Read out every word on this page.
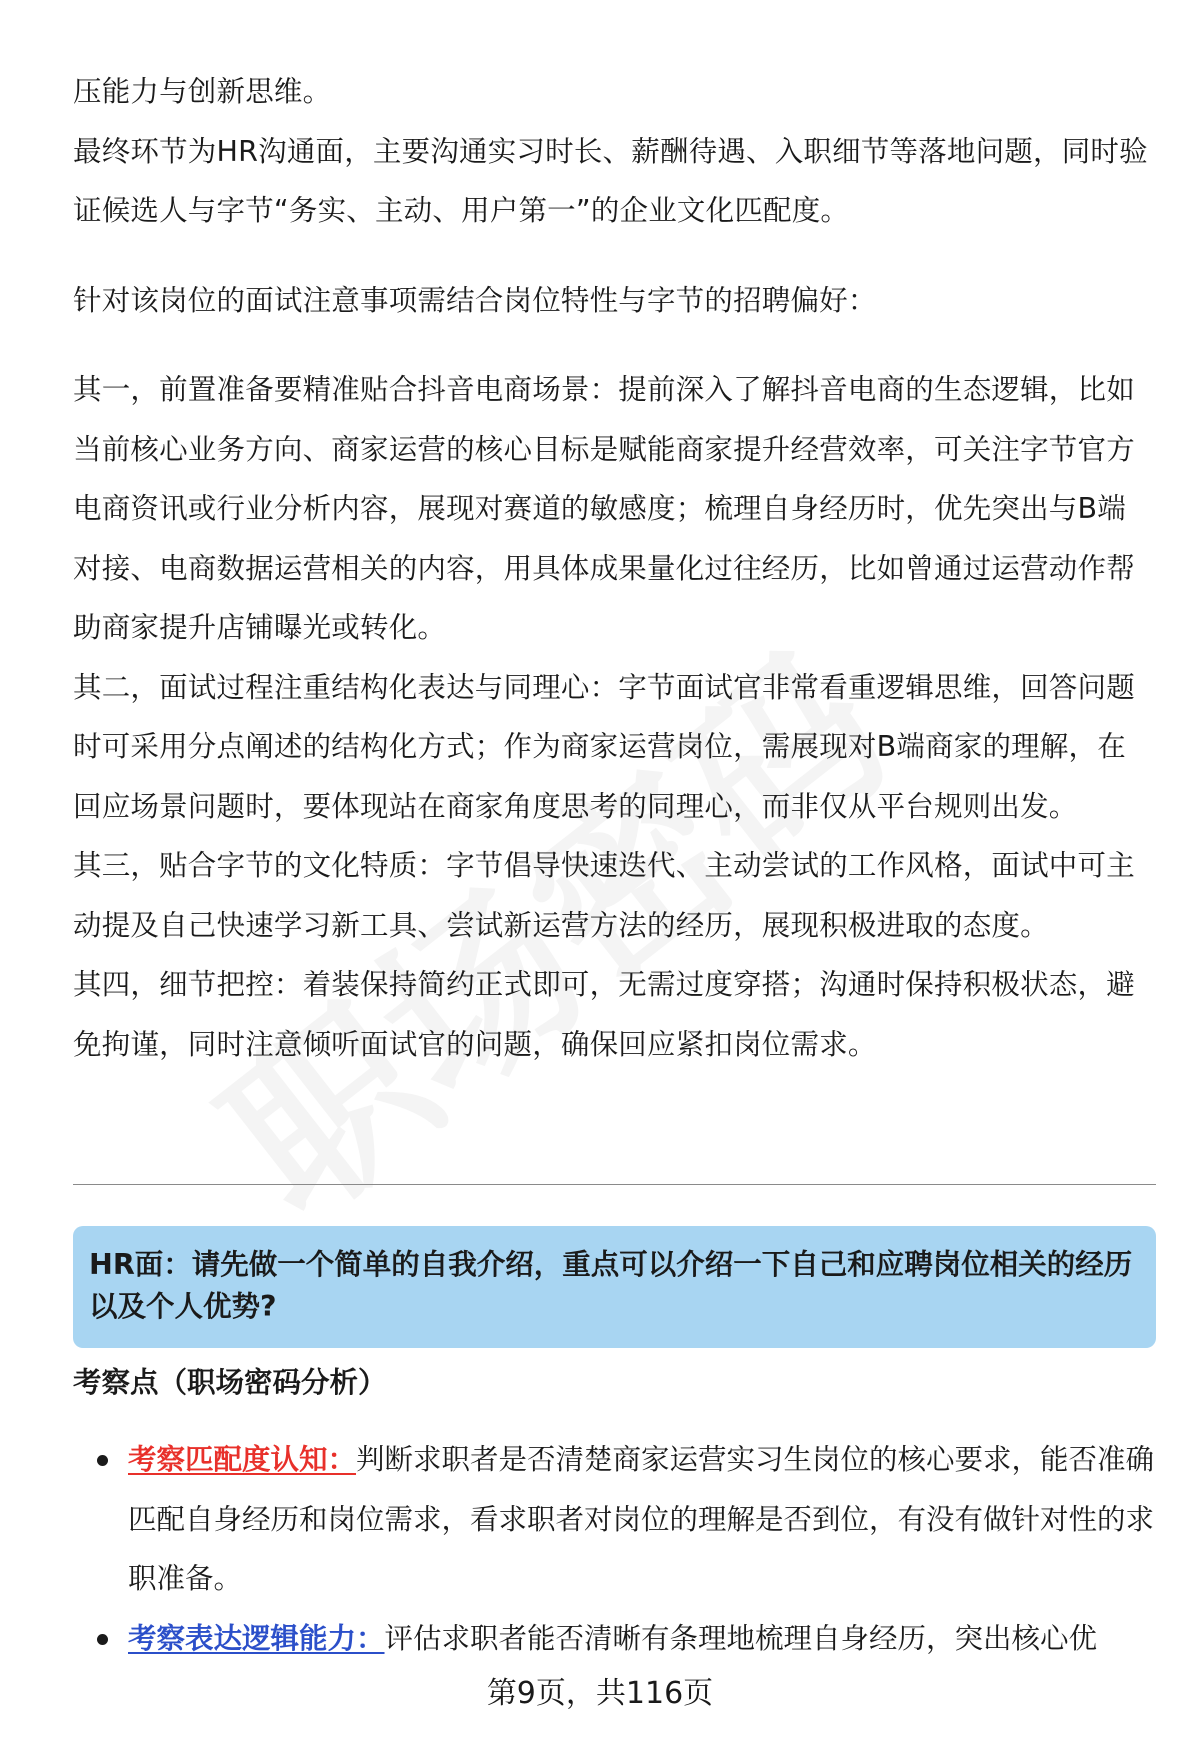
压能力与创新思维。

最终环节为HR沟通面，主要沟通实习时长、薪酬待遇、入职细节等落地问题，同时验证候选人与字节“务实、主动、用户第一”的企业文化匹配度。

针对该岗位的面试注意事项需结合岗位特性与字节的招聘偏好：

其一，前置准备要精准贴合抖音电商场景：提前深入了解抖音电商的生态逻辑，比如当前核心业务方向、商家运营的核心目标是赋能商家提升经营效率，可关注字节官方电商资讯或行业分析内容，展现对赛道的敏感度；梳理自身经历时，优先突出与B端对接、电商数据运营相关的内容，用具体成果量化过往经历，比如曾通过运营动作帮助商家提升店铺曝光或转化。

其二，面试过程注重结构化表达与同理心：字节面试官非常看重逻辑思维，回答问题时可采用分点阐述的结构化方式；作为商家运营岗位，需展现对B端商家的理解，在回应场景问题时，要体现站在商家角度思考的同理心，而非仅从平台规则出发。

其三，贴合字节的文化特质：字节倡导快速迭代、主动尝试的工作风格，面试中可主动提及自己快速学习新工具、尝试新运营方法的经历，展现积极进取的态度。

其四，细节把控：着装保持简约正式即可，无需过度穿搭；沟通时保持积极状态，避免拘谨，同时注意倾听面试官的问题，确保回应紧扣岗位需求。

HR面：请先做一个简单的自我介绍，重点可以介绍一下自己和应聘岗位相关的经历以及个人优势?

考察点（职场密码分析）

考察匹配度认知：判断求职者是否清楚商家运营实习生岗位的核心要求，能否准确匹配自身经历和岗位需求，看求职者对岗位的理解是否到位，有没有做针对性的求职准备。
考察表达逻辑能力：评估求职者能否清晰有条理地梳理自身经历，突出核心优
第9页，共116页
